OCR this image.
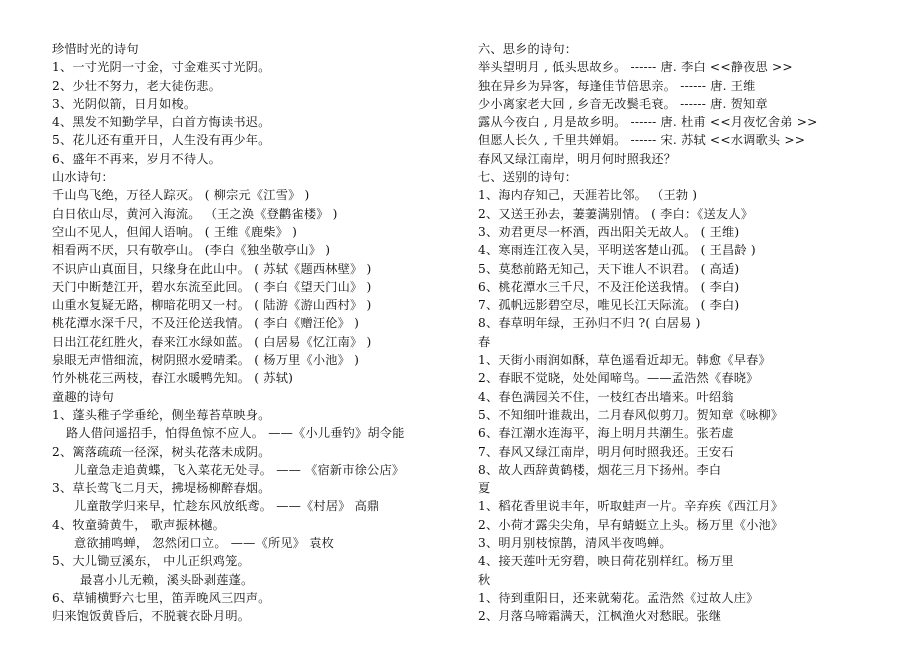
珍惜时光的诗句
1、一寸光阴一寸金，寸金难买寸光阴。
2、少壮不努力，老大徒伤悲。
3、光阴似箭，日月如梭。
4、黑发不知勤学早，白首方悔读书迟。
5、花儿还有重开日，人生没有再少年。
6、盛年不再来，岁月不待人。
山水诗句：
千山鸟飞绝，万径人踪灭。 ( 柳宗元《江雪》 )
白日依山尽，黄河入海流。 （王之涣《登鹳雀楼》 )
空山不见人，但闻人语响。 ( 王维《鹿柴》 )
相看两不厌，只有敬亭山。 (李白《独坐敬亭山》 )
不识庐山真面目，只缘身在此山中。 ( 苏轼《题西林壁》 )
天门中断楚江开，碧水东流至此回。 ( 李白《望天门山》 )
山重水复疑无路，柳暗花明又一村。 ( 陆游《游山西村》 )
桃花潭水深千尺，不及汪伦送我情。 ( 李白《赠汪伦》 )
日出江花红胜火，春来江水绿如蓝。 ( 白居易《忆江南》 )
泉眼无声惜细流，树阴照水爱晴柔。 ( 杨万里《小池》 )
竹外桃花三两枝，春江水暖鸭先知。 ( 苏轼)
童趣的诗句
1、蓬头稚子学垂纶，侧坐莓苔草映身。
路人借问遥招手，怕得鱼惊不应人。 ——《小儿垂钓》胡令能
2、篱落疏疏一径深，树头花落未成阴。
儿童急走追黄蝶，飞入菜花无处寻。 —— 《宿新市徐公店》
3、草长莺飞二月天，拂堤杨柳醉春烟。
儿童散学归来早，忙趁东风放纸鸢。 ——《村居》 高鼎
4、牧童骑黄牛， 歌声振林樾。
意欲捕鸣蝉， 忽然闭口立。 ——《所见》 袁枚
5、大儿锄豆溪东， 中儿正织鸡笼。
最喜小儿无赖，溪头卧剥莲蓬。
6、草铺横野六七里，笛弄晚风三四声。
归来饱饭黄昏后，不脱蓑衣卧月明。
六、思乡的诗句：
举头望明月 , 低头思故乡。 ------ 唐. 李白 <<静夜思 >>
独在异乡为异客，每逢佳节倍思亲。 ------ 唐. 王维
少小离家老大回 , 乡音无改鬓毛衰。 ------ 唐. 贺知章
露从今夜白 , 月是故乡明。 ------ 唐. 杜甫 <<月夜忆舍弟 >>
但愿人长久 , 千里共婵娟。 ------ 宋. 苏轼 <<水调歌头 >>
春风又绿江南岸，明月何时照我还？
七、送别的诗句：
1、海内存知己，天涯若比邻。 （王勃 )
2、又送王孙去，萋萋满别情。 ( 李白：《送友人》
3、劝君更尽一杯酒，西出阳关无故人。 ( 王维)
4、寒雨连江夜入吴，平明送客楚山孤。 ( 王昌龄 )
5、莫愁前路无知己，天下谁人不识君。 ( 高适)
6、桃花潭水三千尺，不及汪伦送我情。 ( 李白)
7、孤帆远影碧空尽，唯见长江天际流。 ( 李白)
8、春草明年绿，王孙归不归 ?( 白居易 )
春
1、天街小雨润如酥，草色遥看近却无。韩愈《早春》
2、春眠不觉晓，处处闻啼鸟。——孟浩然《春晓》
4、春色满园关不住，一枝红杏出墙来。叶绍翁
5、不知细叶谁裁出，二月春风似剪刀。贺知章《咏柳》
6、春江潮水连海平，海上明月共潮生。张若虚
7、春风又绿江南岸，明月何时照我还。王安石
8、故人西辞黄鹤楼，烟花三月下扬州。李白
夏
1、稻花香里说丰年，听取蛙声一片。辛弃疾《西江月》
2、小荷才露尖尖角，早有蜻蜓立上头。杨万里《小池》
3、明月别枝惊鹊，清风半夜鸣蝉。
4、接天莲叶无穷碧，映日荷花别样红。杨万里
秋
1、待到重阳日，还来就菊花。孟浩然《过故人庄》
2、月落乌啼霜满天，江枫渔火对愁眠。张继
